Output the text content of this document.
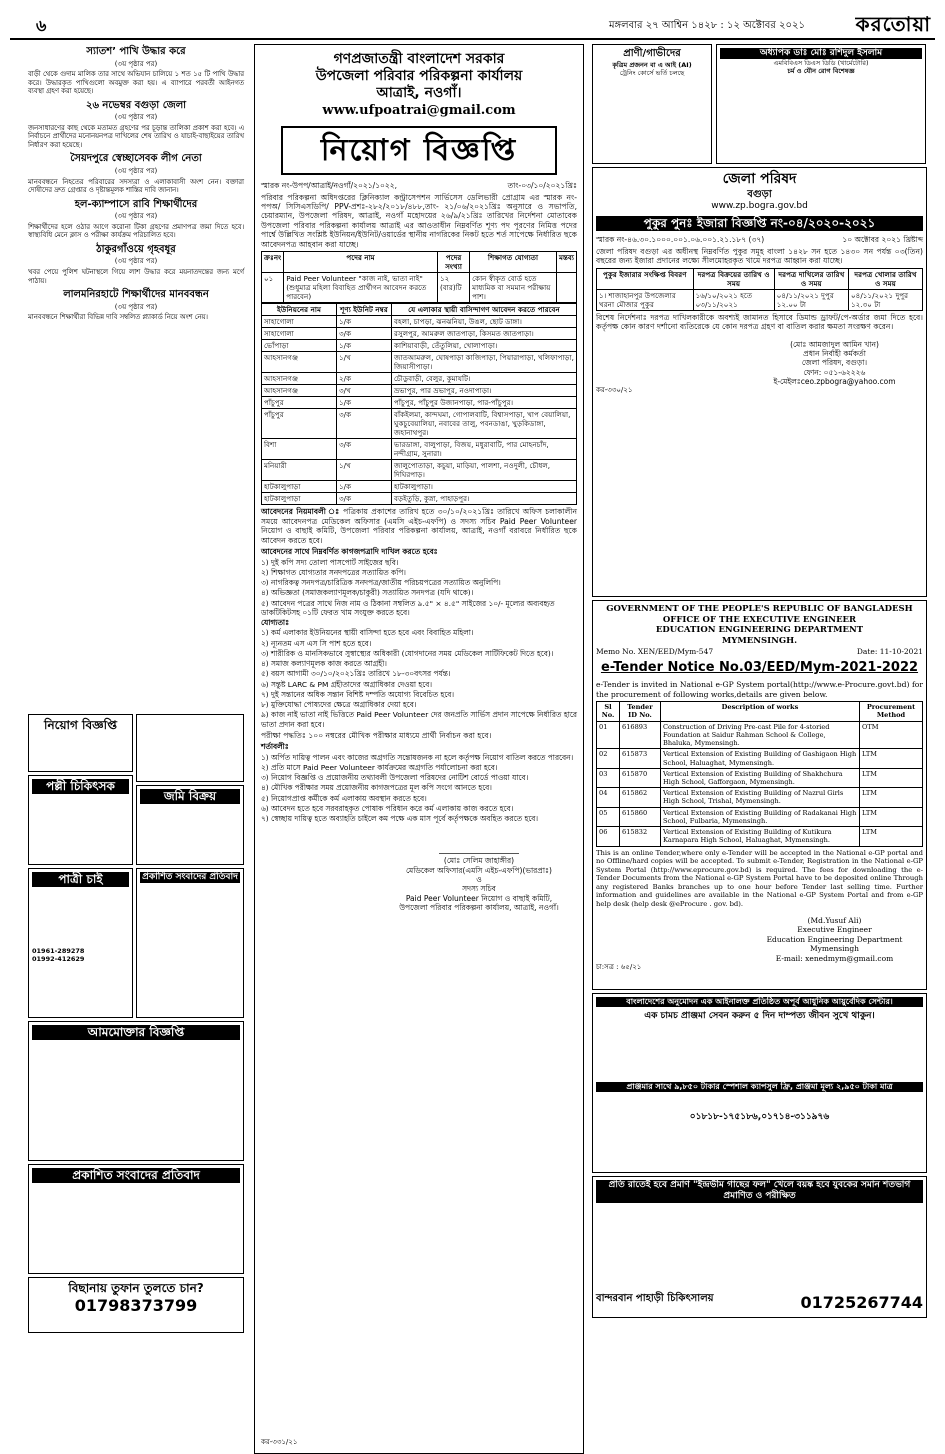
৬	মঙ্গলবার ২৭ আশ্বিন ১৪২৮ : ১২ অক্টোবর ২০২১	করতোয়া
স্যাতশ’ পাখি উদ্ধার করে
(৩য় পৃষ্ঠার পর)

বাড়ী থেকে গুদাম মালিক তার সাথে অভিযান চালিয়ে ১ শত ১৫ টি পাখি উদ্ধার করে। উদ্ধারকৃত পাখিগুলো অবমুক্ত করা হয়। এ ব্যাপারে পরবর্তী আইনগত ব্যবস্থা গ্রহণ করা হয়েছে।

২৬ নভেম্বর বগুড়া জেলা
(৩য় পৃষ্ঠার পর)

জনসাধারণের কাছ থেকে মতামত গ্রহণের পর চূড়ান্ত তালিকা প্রকাশ করা হবে। এ নির্বাচনে প্রার্থীদের মনোনয়নপত্র দাখিলের শেষ তারিখ ও যাচাই-বাছাইয়ের তারিখ নির্ধারণ করা হয়েছে।

সৈয়দপুরে স্বেচ্ছাসেবক লীগ নেতা
(৩য় পৃষ্ঠার পর)

মানববন্ধনে নিহতের পরিবারের সদস্যরা ও এলাকাবাসী অংশ নেন। বক্তারা দোষীদের দ্রুত গ্রেপ্তার ও দৃষ্টান্তমূলক শাস্তির দাবি জানান।

হল-ক্যাম্পাসে রাবি শিক্ষার্থীদের
(৩য় পৃষ্ঠার পর)

শিক্ষার্থীদের হলে ওঠার আগে করোনা টিকা গ্রহণের প্রমাণপত্র জমা দিতে হবে। স্বাস্থ্যবিধি মেনে ক্লাস ও পরীক্ষা কার্যক্রম পরিচালিত হবে।

ঠাকুরগাঁওয়ে গৃহবধূর
(৩য় পৃষ্ঠার পর)

খবর পেয়ে পুলিশ ঘটনাস্থলে গিয়ে লাশ উদ্ধার করে ময়নাতদন্তের জন্য মর্গে পাঠায়।

লালমনিরহাটে শিক্ষার্থীদের মানববন্ধন
(৩য় পৃষ্ঠার পর)

মানববন্ধনে শিক্ষার্থীরা বিভিন্ন দাবি সম্বলিত প্ল্যাকার্ড নিয়ে অংশ নেয়।

নিয়োগ বিজ্ঞপ্তি
পল্লী চিকিৎসক
জমি বিক্রয়
পাত্রী চাই
01961-289278
01992-412629
প্রকাশিত সংবাদের প্রতিবাদ
আমমোক্তার বিজ্ঞপ্তি
প্রকাশিত সংবাদের প্রতিবাদ
বিছানায় তুফান তুলতে চান?
01798373799
গণপ্রজাতন্ত্রী বাংলাদেশ সরকার
উপজেলা পরিবার পরিকল্পনা কার্যালয়
আত্রাই, নওগাঁ।
www.ufpoatrai@gmail.com
নিয়োগ বিজ্ঞপ্তি
স্মারক নং-উপপ/আত্রাই/নওগাঁ/২০২১/১০২২,	তাং-০৩/১০/২০২১খ্রিঃ

পরিবার পরিকল্পনা অধিদপ্তরের ক্লিনিক্যাল কন্ট্রাসেপশন সার্ভিসেস ডেলিভারী প্রোগ্রাম এর স্মারক নং-পপঅ/ সিসিএসডিপি/ PPV-প্রশঃ-২৮২/২০১৮/৪৮৮,তাং- ২১/০৬/২০২১খ্রিঃ অনুসারে ও সভাপতি, চেয়ারম্যান, উপজেলা পরিষদ, আত্রাই, নওগাঁ মহোদয়ের ২৬/৯/২১খ্রিঃ তারিখের নির্দেশনা মোতাবেক উপজেলা পরিবার পরিকল্পনা কার্যালয় আত্রাই এর আওতাধীন নিম্নবর্ণিত শূণ্য পদ পূরণের নিমিত্ত পদের পার্শ্বে উল্লিখিত সংশ্লিষ্ট ইউনিয়ন/ইউনিট/ওয়ার্ডের স্থানীয় নাগরিকের নিকট হতে শর্ত সাপেক্ষে নির্ধারিত ছকে আবেদনপত্র আহবান করা যাচ্ছে।

ক্রঃনং	পদের নাম	পদের সংখ্যা	শিক্ষাগত যোগ্যতা	মন্তব্য
০১	Paid Peer Volunteer "কাজ নাই, ভাতা নাই" (শুধুমাত্র মহিলা বিবাহিত প্রার্থীগন আবেদন করতে পারবেন)	১২ (বার)টি	কোন স্বীকৃত বোর্ড হতে মাধ্যমিক বা সমমান পরীক্ষায় পাশ।	
ইউনিয়নের নাম	শূণ্য ইউনিট নম্বর	যে এলাকার স্থায়ী বাসিন্দাগণ আবেদন করতে পারবেন
সাহাগোলা	১/ক	বহলা, চাপড়া, ঝনঝনিয়া, উঙল, ছোট ডাঙ্গা।
সাহাগোলা	৩/ক	রসুলপুর, আমরুল জাতপাড়া, কিসমত জাতপাড়া।
ভোঁপাড়া	১/ক	কাশিয়াবাড়ী, তেঁতুলিয়া, খোলাপাড়া।
আহসানগঞ্জ	১/খ	জাতআমরুল, ঘোষপাড়া কাজিপাড়া, পিয়ারাপাড়া, খলিফাপাড়া, জিয়াসীপাড়া।
আহসানগঞ্জ	২/ক	চৌডুবাড়ী, বেলুর, কুমাযটি।
আহসানগঞ্জ	৩/খ	ভ্রভাপুর, পার ভ্রভাপুর, নওদাপাড়া।
পাঁচুপুর	১/ক	পাঁচুপুর, পাঁচুপুর উজানপাড়া, পার-পাঁচুপুর।
পাঁচুপুর	৩/ক	বাঁকইলমা, কান্দঘমা, গোপালবাটি, বিশ্বাসপাড়া, খাপ বেয়ালিয়া, ঘুকচুবেয়ালিয়া, নবাবের তালু, পবনডাঙা, খুড়কিডাঙ্গা, জহানাথপুর।
বিশা	৩/ক	ভারডাঙ্গা, বালুপাড়া, বিজয়, মধুরাবাটি, পার মোহনচাঁদ, নন্দীগ্রাম, সুনারা।
মনিয়ারী	১/খ	জালুপোতাড়া, কচুয়া, মাড়িয়া, পালশা, নওদুলী, চৌধল, দিঘিরপাড়।
হাটকালুপাড়া	১/ক	হাটকালুপাড়া।
হাটকালুপাড়া	৩/ক	বড়ইতুড়ি, কুস্না, পাহাড়পুর।

আবেদনের নিয়মাবলী ঃ পত্রিকায় প্রকাশের তারিখ হতে ৩০/১০/২০২১খ্রিঃ তারিখে অফিস চলাকালীন সময়ে আবেদনপত্র মেডিকেল অফিসার (এমসি এইচ-এফপি) ও সদস্য সচিব Paid Peer Volunteer নিয়োগ ও বাছাই কমিটি, উপজেলা পরিবার পরিকল্পনা কার্যালয়, আত্রাই, নওগাঁ বরাবরে নির্ধারিত ছকে আবেদন করতে হবে।

আবেদনের সাথে নিম্নবর্ণিত কাগজপত্রাদি দাখিল করতে হবেঃ

১) দুই কপি সদ্য তোলা পাসপোর্ট সাইজের ছবি।

২) শিক্ষাগত যোগ্যতার সনদপত্রের সত্যায়িত কপি।

৩) নাগরিকত্ব সনদপত্র/চারিত্রিক সনদপত্র/জাতীয় পরিচয়পত্রের সত্যায়িত অনুলিপি।

৪) অভিজ্ঞতা (সমাজকল্যাণমূলক/চাকুরী) সত্যায়িত সনদপত্র (যদি থাকে)।

৫) আবেদন পত্রের সাথে নিজ নাম ও ঠিকানা সম্বলিত ৯.৫" × ৪.৫" সাইজের ১০/- মূল্যের অব্যবহৃত ডাকটিকিটসহ ০১টি ফেরত খাম সংযুক্ত করতে হবে।

যোগ্যতাঃ

১) কর্ম এলাকার ইউনিয়নের স্থায়ী বাসিন্দা হতে হবে এবং বিবাহিত মহিলা।

২) ন্যূনতম এস এস সি পাশ হতে হবে।

৩) শারীরিক ও মানসিকভাবে সুস্বাস্থ্যের অধিকারী (যোগদানের সময় মেডিকেল সার্টিফিকেট দিতে হবে)।

৪) সমাজ কল্যাণমূলক কাজ করতে আগ্রহী।

৫) বয়স আগামী ৩০/১০/২০২১খ্রিঃ তারিখে ১৮-৩০বৎসর পর্যন্ত।

৬) সন্তুষ্ট LARC & PM গ্রহীতাদের অগ্রাধিকার দেওয়া হবে।

৭) দুই সন্তানের অধিক সন্তান বিশিষ্ট দম্পতি অযোগ্য বিবেচিত হবে।

৮) মুক্তিযোদ্ধা পোষ্যদের ক্ষেত্রে অগ্রাধিকার দেয়া হবে।

৯) কাজ নাই ভাতা নাই ভিত্তিতে Paid Peer Volunteer দের জনপ্রতি সার্ভিস প্রদান সাপেক্ষে নির্ধারিত হারে ভাতা প্রদান করা হবে।

পরীক্ষা পদ্ধতিঃ ১০০ নম্বরের মৌখিক পরীক্ষার মাধ্যমে প্রার্থী নির্বাচন করা হবে।

শর্তাবলীঃ

১) অর্পিত দায়িত্ব পালন এবং কাজের অগ্রগতি সন্তোষজনক না হলে কর্তৃপক্ষ নিয়োগ বাতিল করতে পারবেন।

২) প্রতি মাসে Paid Peer Volunteer কার্যক্রমের অগ্রগতি পর্যালোচনা করা হবে।

৩) নিয়োগ বিজ্ঞপ্তি ও প্রয়োজনীয় তথ্যাবলী উপজেলা পরিষদের নোটিশ বোর্ডে পাওয়া যাবে।

৪) মৌখিক পরীক্ষার সময় প্রয়োজনীয় কাগজপত্রের মূল কপি সংগে আনতে হবে।

৫) নিয়োগপ্রাপ্ত কর্মীকে কর্ম এলাকায় অবস্থান করতে হবে।

৬) আবেদন হতে হবে সরবরাহকৃত পোষাক পরিধান করে কর্ম এলাকায় কাজ করতে হবে।

৭) স্বেচ্ছায় দায়িত্ব হতে অব্যাহতি চাইলে কম পক্ষে এক মাস পূর্বে কর্তৃপক্ষকে অবহিত করতে হবে।

(মোঃ সেলিম জাহাঙ্গীর)
মেডিকেল অফিসার(এমসি এইচ-এফপি)(ভারপ্রাঃ)
ও
সদস্য সচিব
Paid Peer Volunteer নিয়োগ ও বাছাই কমিটি,
উপজেলা পরিবার পরিকল্পনা কার্যালয়, আত্রাই, নওগাঁ।
কর-৩৩১/২১
প্রাণী/গাভীদের
কৃত্রিম প্রজনন বা এ আই (AI)
ট্রেনিং কোর্সে ভর্তি চলছে
অধ্যাপক ডাঃ মোঃ রশিদুল ইসলাম
এমবিবিএস ডিএস ডিডি (খার্মেটোরি)
চর্ম ও যৌন রোগ বিশেষজ্ঞ
জেলা পরিষদ
বগুড়া
www.zp.bogra.gov.bd
পুকুর পুনঃ ইজারা বিজ্ঞপ্তি নং-০৪/২০২০-২০২১
স্মারক নং-৪৬.৩০.১০০০.০০১.০৬.০০১.২১.১৮৭ (৩৭)	১০ অক্টোবর ২০২১ খ্রিষ্টাব্দ

জেলা পরিষদ বগুড়া এর অধীনস্থ নিম্নবর্ণিত পুকুর সমূহ বাংলা ১৪২৮ সন হতে ১৪৩০ সন পর্যন্ত ০৩(তিন) বছরের জন্য ইজারা প্রদানের লক্ষ্যে সীলমোহরকৃত খামে দরপত্র আহ্বান করা যাচ্ছে।

পুকুর ইজারার সংক্ষিপ্ত বিবরণ	দরপত্র বিক্রয়ের তারিখ ও সময়	দরপত্র দাখিলের তারিখ ও সময়	দরপত্র খোলার তারিখ ও সময়
১। শাজাহানপুর উপজেলার খরনা মৌজার পুকুর	১৬/১০/২০২১ হতে ০৩/১১/২০২১	০৪/১১/২০২১ দুপুর ১২.০০ টা	০৪/১১/২০২১ দুপুর ১২.৩০ টা

বিশেষ নির্দেশনাঃ দরপত্র দাখিলকারীকে অবশ্যই জামানত হিসাবে ডিমান্ড ড্রাফট/পে-অর্ডার জমা দিতে হবে। কর্তৃপক্ষ কোন কারণ দর্শানো ব্যতিরেকে যে কোন দরপত্র গ্রহণ বা বাতিল করার ক্ষমতা সংরক্ষণ করেন।

(মোঃ আমজাদুল আমিন খান)
প্রধান নির্বাহী কর্মকর্তা
জেলা পরিষদ, বগুড়া।
ফোন: ০৫১-৬২২২৬
ই-মেইলঃceo.zpbogra@yahoo.com
কর-৩৩০/২১
GOVERNMENT OF THE PEOPLE'S REPUBLIC OF BANGLADESH
OFFICE OF THE EXECUTIVE ENGINEER
EDUCATION ENGINEERING DEPARTMENT
MYMENSINGH.
Memo No. XEN/EED/Mym-547	Date: 11-10-2021
e-Tender Notice No.03/EED/Mym-2021-2022

e-Tender is invited in National e-GP System portal(http://www.e-Procure.govt.bd) for the procurement of following works,details are given below.

Sl No.	Tender ID No.	Description of works	Procurement Method
01	616893	Construction of Driving Pre-cast Pile for 4-storied Foundation at Saidur Rahman School & College, Bhaluka, Mymensingh.	OTM
02	615873	Vertical Extension of Existing Building of Gashigaon High School, Haluaghat, Mymensingh.	LTM
03	615870	Vertical Extension of Existing Building of Shakhchura High School, Gafforgaon, Mymensingh.	LTM
04	615862	Vertical Extension of Existing Building of Nazrul Girls High School, Trishal, Mymensingh.	LTM
05	615860	Vertical Extension of Existing Building of Radakanai High School, Fulbaria, Mymensingh.	LTM
06	615832	Vertical Extension of Existing Building of Kutikura Karnapara High School, Haluaghat, Mymensingh.	LTM

This is an online Tender,where only e-Tender will be accepted in the National e-GP portal and no Offline/hard copies will be accepted. To submit e-Tender, Registration in the National e-GP System Portal (http://www.eprocure.gov.bd) is required. The fees for downloading the e-Tender Documents from the National e-GP System Portal have to be deposited online Through any registered Banks branches up to one hour before Tender last selling time. Further information and guidelines are available in the National e-GP System Portal and from e-GP help desk (help desk @eProcure . gov. bd).

(Md.Yusuf Ali)
Executive Engineer
Education Engineering Department
Mymensingh
E-mail: xenedmym@gmail.com
চা:সত্র : ৬৫/২১
বাংলাদেশের অনুমোদন এক আইনালক্ত প্রতিষ্ঠিত অপূর্ব আধুনিক আয়ুর্বেদিক সেন্টার।
এক চামচ প্রাঞ্জমা সেবন করুন ৫ দিন দাম্পত্য জীবন সুখে থাকুন।
প্রাঞ্জমার সাথে ৯,৮৫০ টাকার স্পেশাল ক্যাপসুল ফ্রি, প্রাঞ্জমা মূল্য ২,৯৫০ টাকা মাত্র
০১৮১৮-১৭৫১৮৬,০১৭১৪-৩১১৯৭৬
প্রতি রাতেই হবে প্রমাণ "ইন্দ্রভীম গাছের ফল" খেলে বয়ষ্ক হবে যুবকের সমান শতভাগ প্রমাণিত ও পরীক্ষিত
বান্দরবান পাহাড়ী চিকিৎসালয়	01725267744
